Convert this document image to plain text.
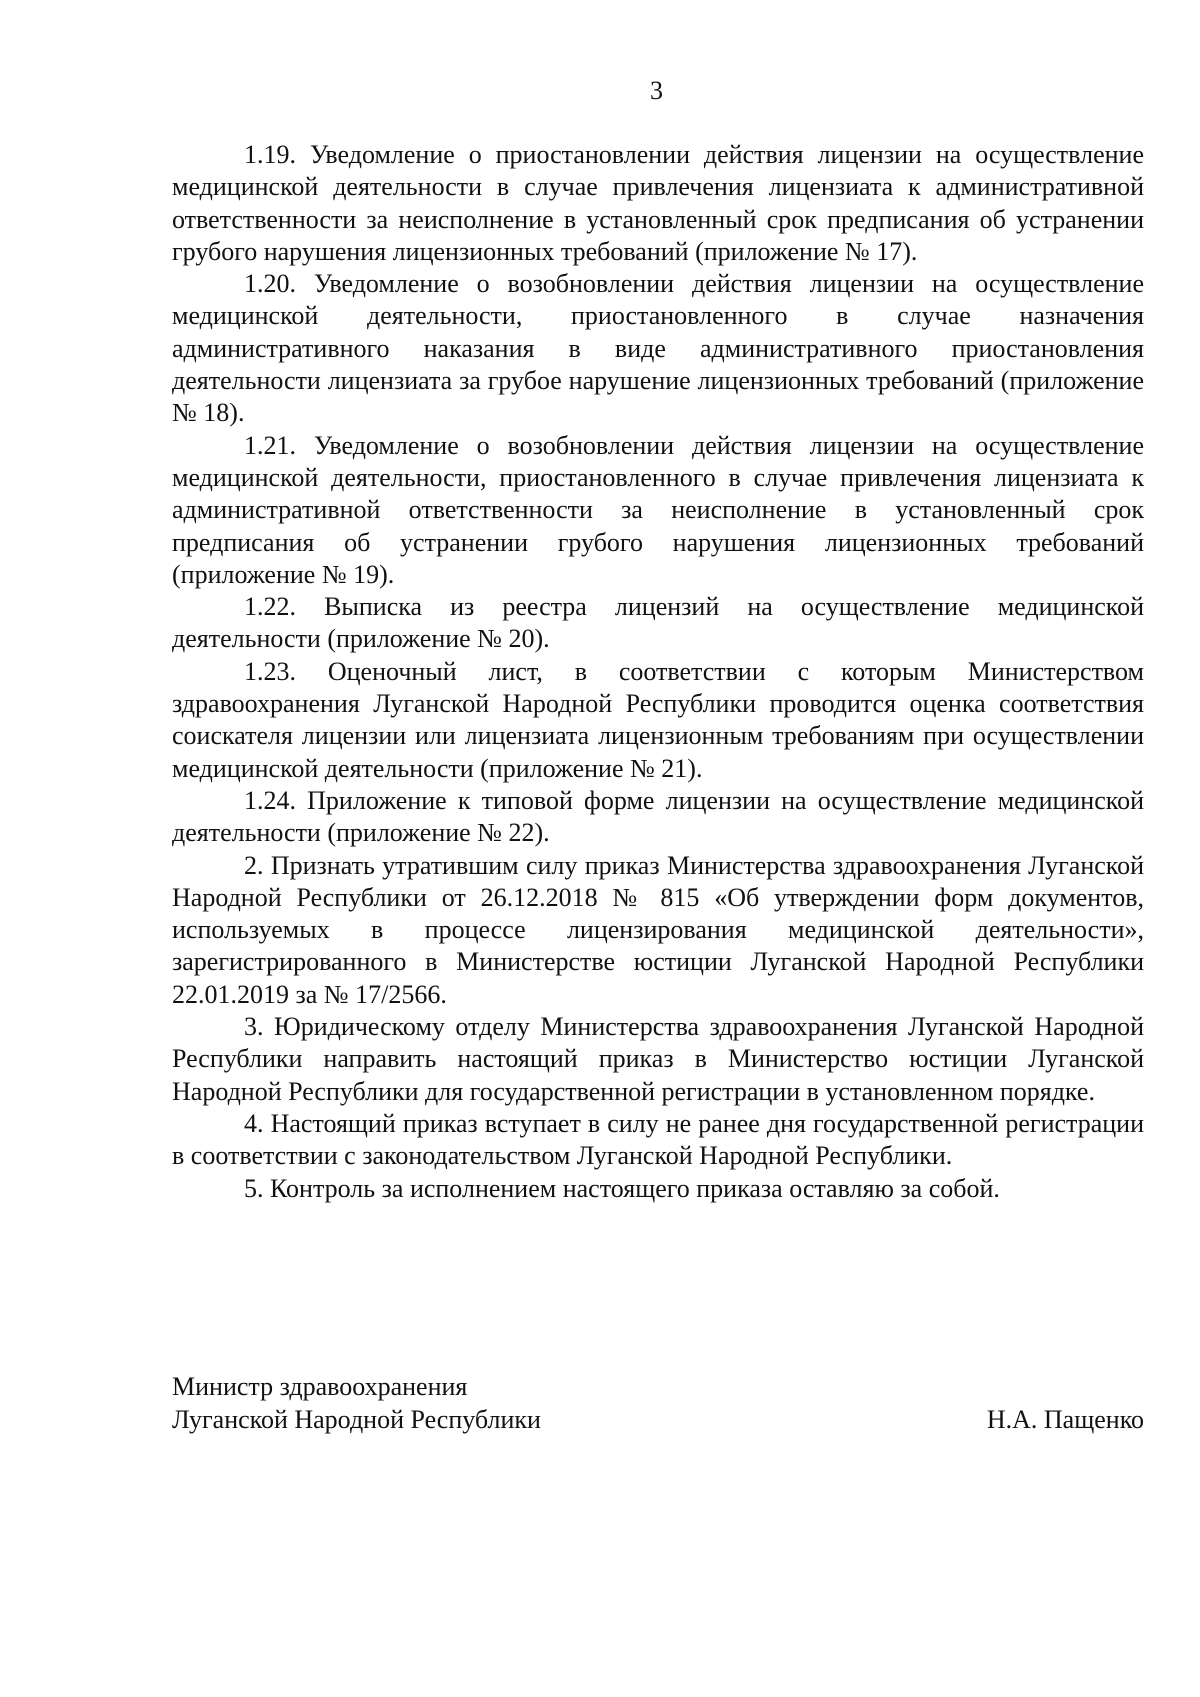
3

1.19. Уведомление о приостановлении действия лицензии на осуществление медицинской деятельности в случае привлечения лицензиата к административной ответственности за неисполнение в установленный срок предписания об устранении грубого нарушения лицензионных требований (приложение № 17).

1.20. Уведомление о возобновлении действия лицензии на осуществление медицинской деятельности, приостановленного в случае назначения административного наказания в виде административного приостановления деятельности лицензиата за грубое нарушение лицензионных требований (приложение № 18).

1.21. Уведомление о возобновлении действия лицензии на осуществление медицинской деятельности, приостановленного в случае привлечения лицензиата к административной ответственности за неисполнение в установленный срок предписания об устранении грубого нарушения лицензионных требований (приложение № 19).

1.22. Выписка из реестра лицензий на осуществление медицинской деятельности (приложение № 20).

1.23. Оценочный лист, в соответствии с которым Министерством здравоохранения Луганской Народной Республики проводится оценка соответствия соискателя лицензии или лицензиата лицензионным требованиям при осуществлении медицинской деятельности (приложение № 21).

1.24. Приложение к типовой форме лицензии на осуществление медицинской деятельности (приложение № 22).

2. Признать утратившим силу приказ Министерства здравоохранения Луганской Народной Республики от 26.12.2018 № 815 «Об утверждении форм документов, используемых в процессе лицензирования медицинской деятельности», зарегистрированного в Министерстве юстиции Луганской Народной Республики 22.01.2019 за № 17/2566.

3. Юридическому отделу Министерства здравоохранения Луганской Народной Республики направить настоящий приказ в Министерство юстиции Луганской Народной Республики для государственной регистрации в установленном порядке.

4. Настоящий приказ вступает в силу не ранее дня государственной регистрации в соответствии с законодательством Луганской Народной Республики.

5. Контроль за исполнением настоящего приказа оставляю за собой.

Министр здравоохранения
Луганской Народной Республики	Н.А. Пащенко
